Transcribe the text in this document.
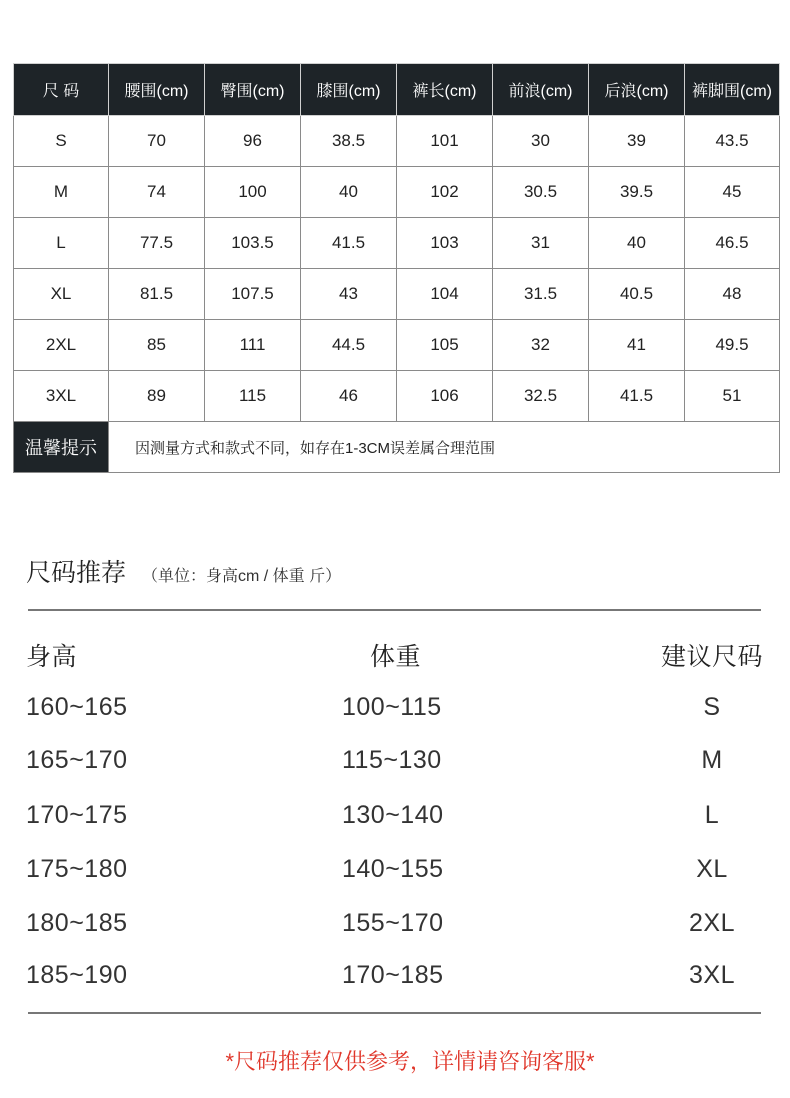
尺 码	腰围(cm)	臀围(cm)	膝围(cm)	裤长(cm)	前浪(cm)	后浪(cm)	裤脚围(cm)
S	70	96	38.5	101	30	39	43.5
M	74	100	40	102	30.5	39.5	45
L	77.5	103.5	41.5	103	31	40	46.5
XL	81.5	107.5	43	104	31.5	40.5	48
2XL	85	111	44.5	105	32	41	49.5
3XL	89	115	46	106	32.5	41.5	51
温馨提示	因测量方式和款式不同，如存在1-3CM误差属合理范围						
尺码推荐 （单位：身高cm / 体重 斤）
身高	体重	建议尺码
160~165	100~115	S
165~170	115~130	M
170~175	130~140	L
175~180	140~155	XL
180~185	155~170	2XL
185~190	170~185	3XL
*尺码推荐仅供参考，详情请咨询客服*
